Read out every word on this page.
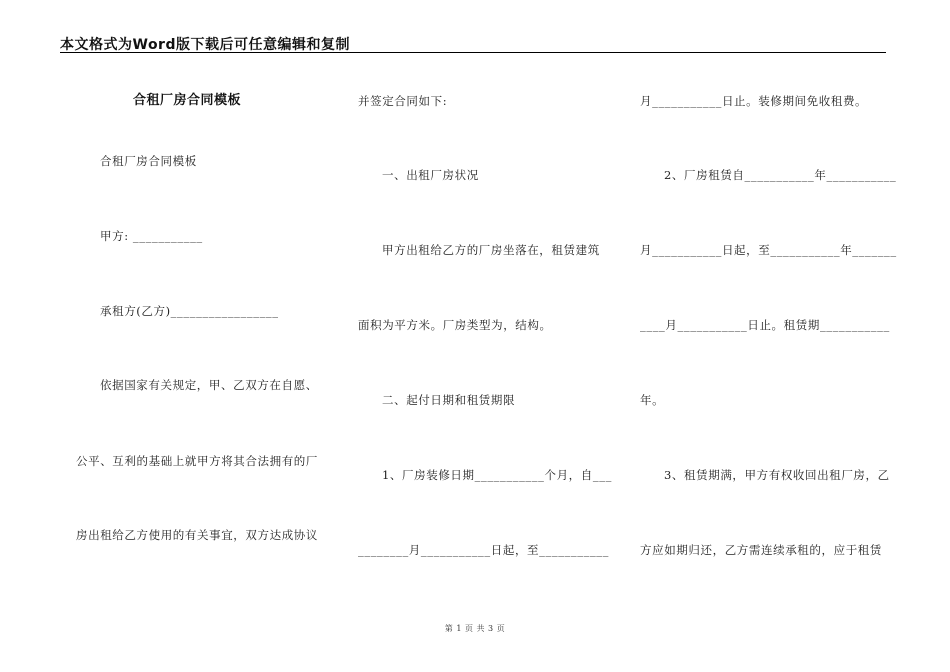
本文格式为Word版下载后可任意编辑和复制
合租厂房合同模板
合租厂房合同模板
甲方: ___________
承租方(乙方)_________________
依据国家有关规定，甲、乙双方在自愿、
公平、互利的基础上就甲方将其合法拥有的厂
房出租给乙方使用的有关事宜，双方达成协议
并签定合同如下:
一、出租厂房状况
甲方出租给乙方的厂房坐落在，租赁建筑
面积为平方米。厂房类型为，结构。
二、起付日期和租赁期限
1、厂房装修日期___________个月，自___
________月___________日起，至___________
月___________日止。装修期间免收租费。
2、厂房租赁自___________年___________
月___________日起，至___________年_______
____月___________日止。租赁期___________
年。
3、租赁期满，甲方有权收回出租厂房，乙
方应如期归还，乙方需连续承租的，应于租赁
第 1 页 共 3 页
